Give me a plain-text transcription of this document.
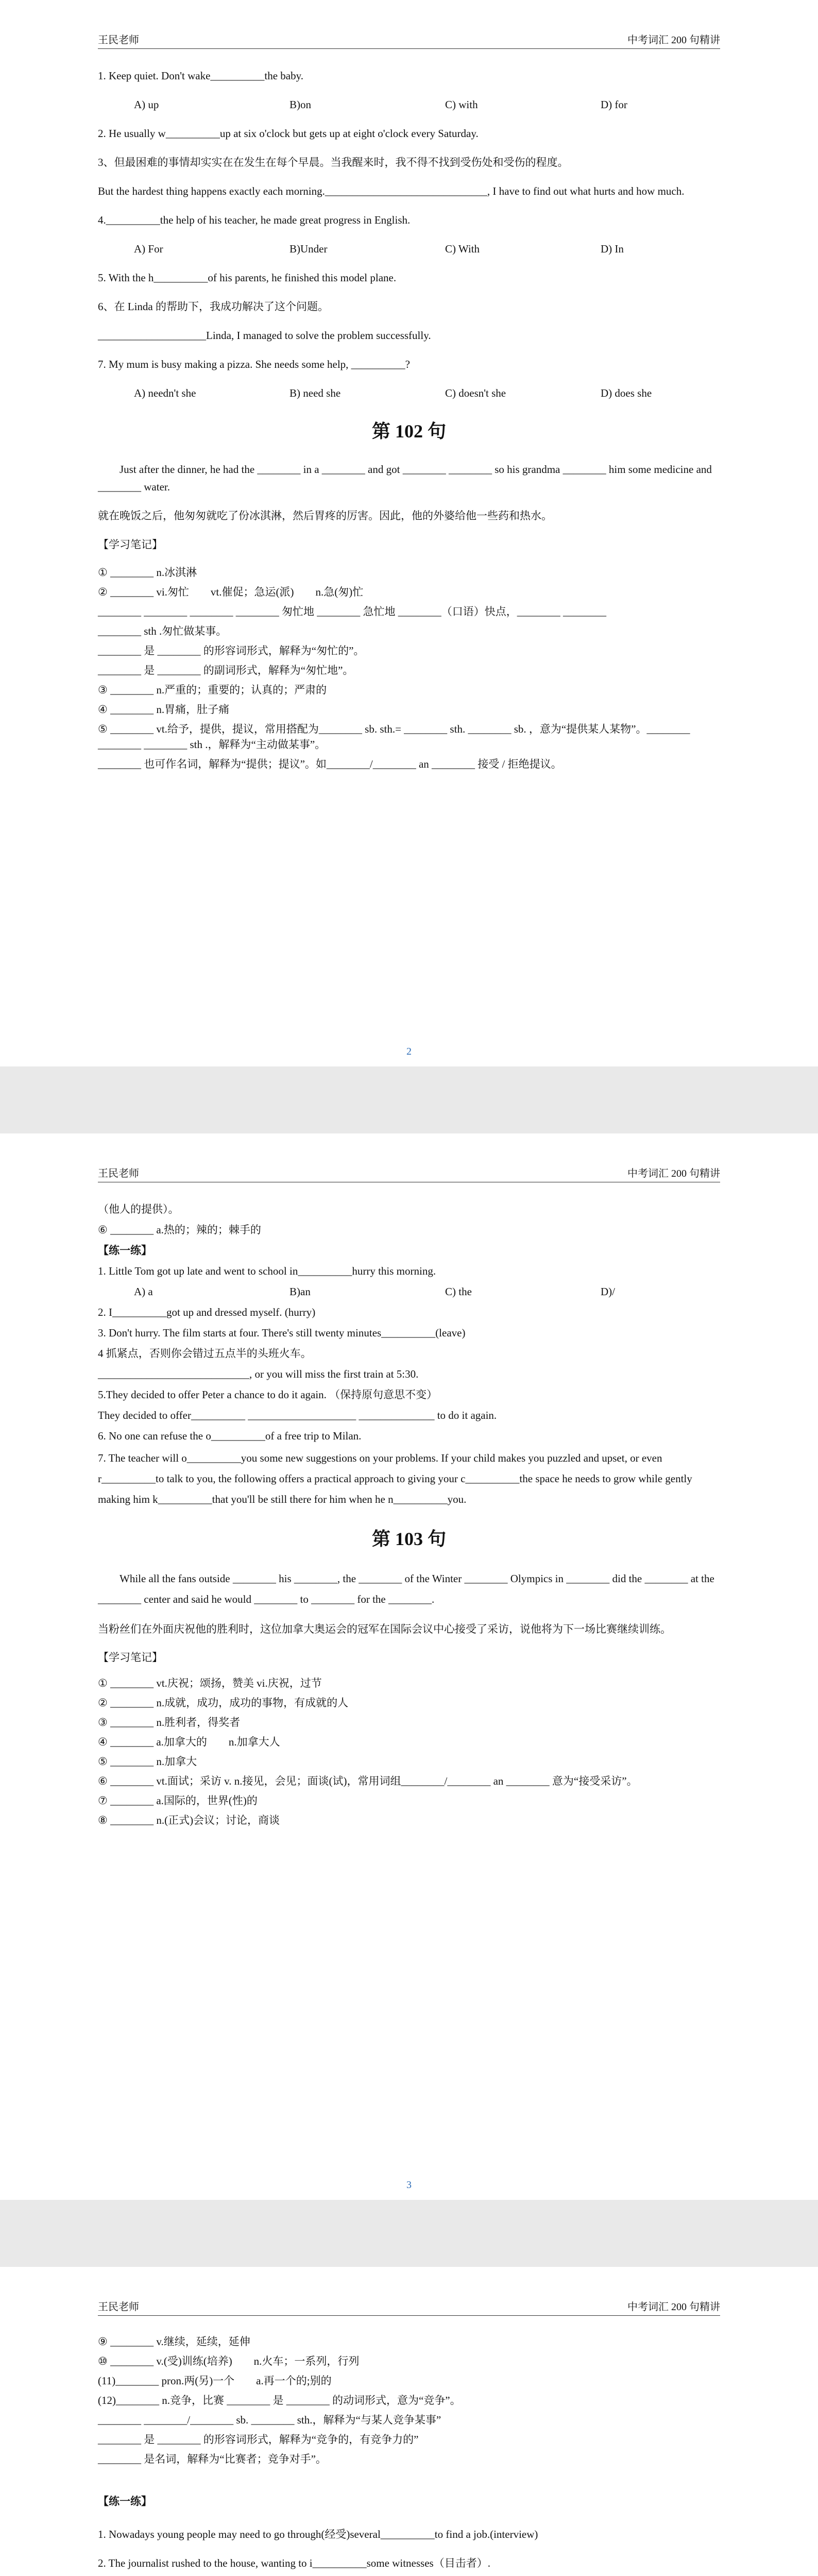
王民老师	中考词汇 200 句精讲

1. Keep quiet. Don't wake__________the baby.

A) up	B)on	C) with	D) for

2. He usually w__________up at six o'clock but gets up at eight o'clock every Saturday.

3、但最困难的事情却实实在在发生在每个早晨。当我醒来时，我不得不找到受伤处和受伤的程度。

But the hardest thing happens exactly each morning.______________________________, I have to find out what hurts and how much.

4.__________the help of his teacher, he made great progress in English.

A) For	B)Under	C) With	D) In

5. With the h__________of his parents, he finished this model plane.

6、在 Linda 的帮助下，我成功解决了这个问题。

____________________Linda, I managed to solve the problem successfully.

7. My mum is busy making a pizza. She needs some help, __________?

A) needn't she	B) need she	C) doesn't she	D) does she
第 102 句

Just after the dinner, he had the ________ in a ________ and got ________ ________ so his grandma ________ him some medicine and ________ water.

就在晚饭之后，他匆匆就吃了份冰淇淋，然后胃疼的厉害。因此，他的外婆给他一些药和热水。

【学习笔记】

① ________ n.冰淇淋

② ________ vi.匆忙　　vt.催促；急运(派)　　n.急(匆)忙

________ ________ ________ ________ 匆忙地 ________ 急忙地 ________（口语）快点，________ ________

________ sth .匆忙做某事。

________ 是 ________ 的形容词形式，解释为“匆忙的”。

________ 是 ________ 的副词形式，解释为“匆忙地”。

③ ________ n.严重的；重要的；认真的；严肃的

④ ________ n.胃痛，肚子痛

⑤ ________ vt.给予，提供，提议，常用搭配为________ sb. sth.= ________ sth. ________ sb. ，意为“提供某人某物”。________ ________ ________ sth .，解释为“主动做某事”。

________ 也可作名词，解释为“提供；提议”。如________/________ an ________ 接受 / 拒绝提议。

2
王民老师	中考词汇 200 句精讲

（他人的提供）。

⑥ ________ a.热的；辣的；棘手的

【练一练】

1. Little Tom got up late and went to school in__________hurry this morning.

A) a	B)an	C) the	D)/

2. I__________got up and dressed myself. (hurry)

3. Don't hurry. The film starts at four. There's still twenty minutes__________(leave)

4 抓紧点，否则你会错过五点半的头班火车。

____________________________, or you will miss the first train at 5:30.

5.They decided to offer Peter a chance to do it again. （保持原句意思不变）

They decided to offer__________ ____________________ ______________ to do it again.

6. No one can refuse the o__________of a free trip to Milan.

7. The teacher will o__________you some new suggestions on your problems. If your child makes you puzzled and upset, or even r__________to talk to you, the following offers a practical approach to giving your c__________the space he needs to grow while gently making him k__________that you'll be still there for him when he n__________you.

第 103 句

While all the fans outside ________ his ________, the ________ of the Winter ________ Olympics in ________ did the ________ at the ________ center and said he would ________ to ________ for the ________.

当粉丝们在外面庆祝他的胜利时，这位加拿大奥运会的冠军在国际会议中心接受了采访，说他将为下一场比赛继续训练。

【学习笔记】

① ________ vt.庆祝；颂扬，赞美 vi.庆祝，过节

② ________ n.成就，成功，成功的事物，有成就的人

③ ________ n.胜利者，得奖者

④ ________ a.加拿大的　　n.加拿大人

⑤ ________ n.加拿大

⑥ ________ vt.面试；采访 v. n.接见，会见；面谈(试)，常用词组________/________ an ________ 意为“接受采访”。

⑦ ________ a.国际的，世界(性)的

⑧ ________ n.(正式)会议；讨论，商谈

3
王民老师	中考词汇 200 句精讲

⑨ ________ v.继续，延续，延伸

⑩ ________ v.(受)训练(培养)　　n.火车；一系列，行列

(11)________ pron.两(另)一个　　a.再一个的;别的

(12)________ n.竞争，比赛 ________ 是 ________ 的动词形式，意为“竞争”。

________ ________/________ sb. ________ sth.，解释为“与某人竞争某事”

________ 是 ________ 的形容词形式，解释为“竞争的，有竞争力的”

________ 是名词，解释为“比赛者；竞争对手”。

【练一练】

1. Nowadays young people may need to go through(经受)several__________to find a job.(interview)

2. The journalist rushed to the house, wanting to i__________some witnesses（目击者）.
